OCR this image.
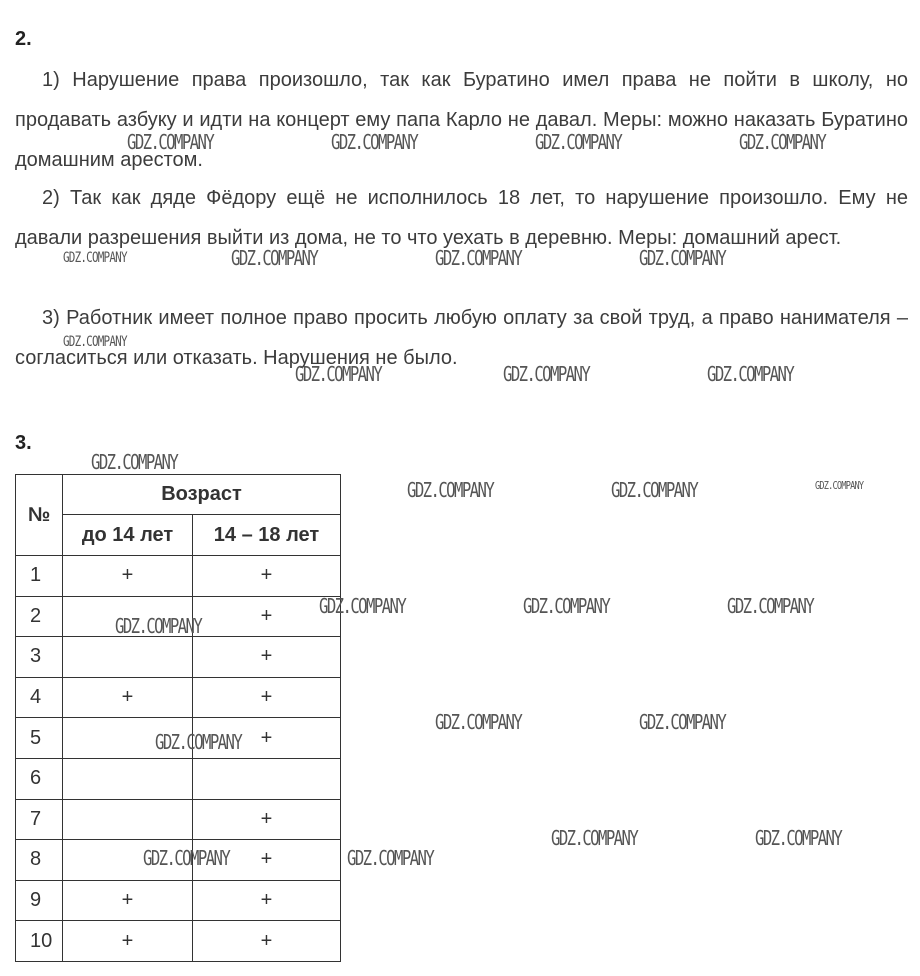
2.

1) Нарушение права произошло, так как Буратино имел права не пойти в школу, но продавать азбуку и идти на концерт ему папа Карло не давал. Меры: можно наказать Буратино домашним арестом.

2) Так как дяде Фёдору ещё не исполнилось 18 лет, то нарушение произошло. Ему не давали разрешения выйти из дома, не то что уехать в деревню. Меры: домашний арест.

3) Работник имеет полное право просить любую оплату за свой труд, а право нанимателя – согласиться или отказать. Нарушения не было.

3.
№	Возраст	
	до 14 лет	14 – 18 лет
1	+	+
2		+
3		+
4	+	+
5		+
6		
7		+
8		+
9	+	+
10	+	+
GDZ.COMPANY	GDZ.COMPANY	GDZ.COMPANY	GDZ.COMPANY
GDZ.COMPANY	GDZ.COMPANY	GDZ.COMPANY	GDZ.COMPANY
GDZ.COMPANY
GDZ.COMPANY	GDZ.COMPANY	GDZ.COMPANY
GDZ.COMPANY
GDZ.COMPANY	GDZ.COMPANY	GDZ.COMPANY
GDZ.COMPANY
GDZ.COMPANY	GDZ.COMPANY	GDZ.COMPANY
GDZ.COMPANY
GDZ.COMPANY	GDZ.COMPANY
GDZ.COMPANY	GDZ.COMPANY
GDZ.COMPANY	GDZ.COMPANY
